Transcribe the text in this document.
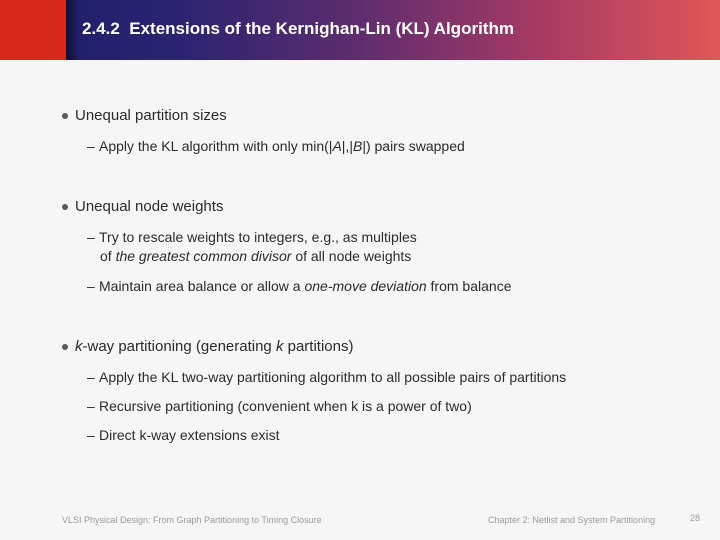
2.4.2  Extensions of the Kernighan-Lin (KL) Algorithm
Unequal partition sizes
– Apply the KL algorithm with only min(|A|,|B|) pairs swapped
Unequal node weights
– Try to rescale weights to integers, e.g., as multiples
of the greatest common divisor of all node weights
– Maintain area balance or allow a one-move deviation from balance
k-way partitioning (generating k partitions)
– Apply the KL two-way partitioning algorithm to all possible pairs of partitions
– Recursive partitioning (convenient when k is a power of two)
– Direct k-way extensions exist
VLSI Physical Design: From Graph Partitioning to Timing Closure	Chapter 2: Netlist and System Partitioning	28
